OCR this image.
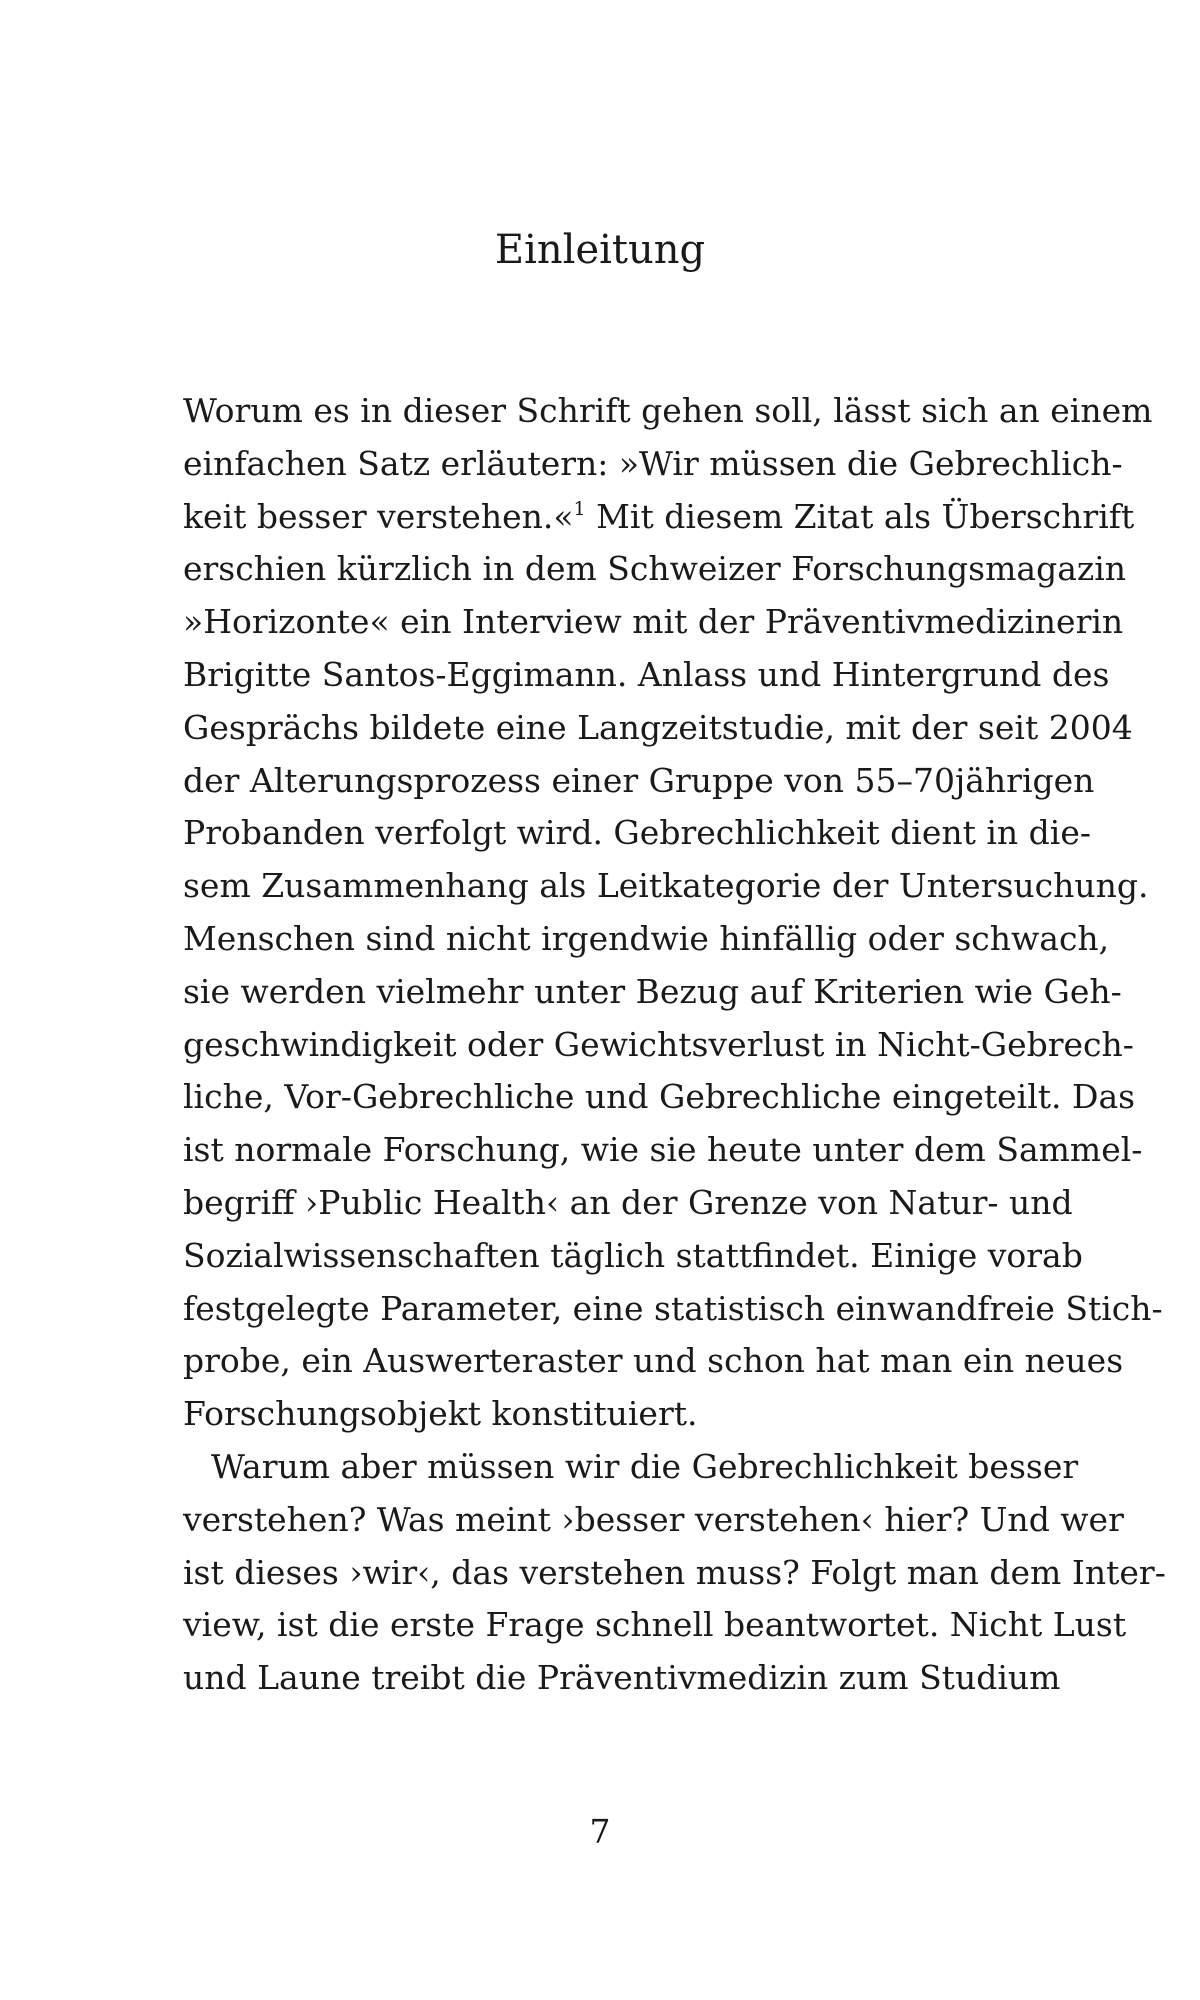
Einleitung
Worum es in dieser Schrift gehen soll, lässt sich an einem
einfachen Satz erläutern: »Wir müssen die Gebrechlich-
keit besser verstehen.«$^1$ Mit diesem Zitat als Überschrift
erschien kürzlich in dem Schweizer Forschungsmagazin
»Horizonte« ein Interview mit der Präventivmedizinerin
Brigitte Santos-Eggimann. Anlass und Hintergrund des
Gesprächs bildete eine Langzeitstudie, mit der seit 2004
der Alterungsprozess einer Gruppe von 55–70jährigen
Probanden verfolgt wird. Gebrechlichkeit dient in die-
sem Zusammenhang als Leitkategorie der Untersuchung.
Menschen sind nicht irgendwie hinfällig oder schwach,
sie werden vielmehr unter Bezug auf Kriterien wie Geh-
geschwindigkeit oder Gewichtsverlust in Nicht-Gebrech-
liche, Vor-Gebrechliche und Gebrechliche eingeteilt. Das
ist normale Forschung, wie sie heute unter dem Sammel-
begriff ›Public Health‹ an der Grenze von Natur- und
Sozialwissenschaften täglich stattfindet. Einige vorab
festgelegte Parameter, eine statistisch einwandfreie Stich-
probe, ein Auswerteraster und schon hat man ein neues
Forschungsobjekt konstituiert.
Warum aber müssen wir die Gebrechlichkeit besser
verstehen? Was meint ›besser verstehen‹ hier? Und wer
ist dieses ›wir‹, das verstehen muss? Folgt man dem Inter-
view, ist die erste Frage schnell beantwortet. Nicht Lust
und Laune treibt die Präventivmedizin zum Studium
7
